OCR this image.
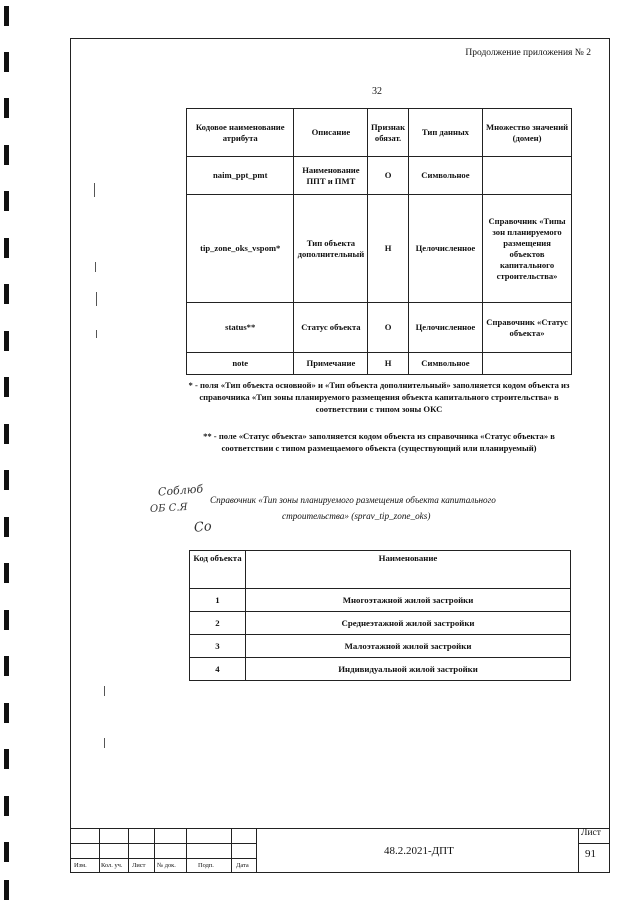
Продолжение приложения № 2
32
Кодовое наименование атрибута	Описание	Признак обязат.	Тип данных	Множество значений (домен)
naim_ppt_pmt	Наименование ППТ и ПМТ	О	Символьное	
tip_zone_oks_vspom*	Тип объекта дополнительный	Н	Целочисленное	Справочник «Типы зон планируемого размещения объектов капитального строительства»
status**	Статус объекта	О	Целочисленное	Справочник «Статус объекта»
note	Примечание	Н	Символьное	
* - поля «Тип объекта основной» и «Тип объекта дополнительный» заполняется кодом объекта из справочника «Тип зоны планируемого размещения объекта капитального строительства» в соответствии с типом зоны ОКС
** - поле «Статус объекта» заполняется кодом объекта из справочника «Статус объекта» в соответствии с типом размещаемого объекта (существующий или планируемый)
Соблюб
ОБ С.Я
Со
Справочник «Тип зоны планируемого размещения объекта капитального
строительства» (sprav_tip_zone_oks)
Код объекта	Наименование
1	Многоэтажной жилой застройки
2	Среднеэтажной жилой застройки
3	Малоэтажной жилой застройки
4	Индивидуальной жилой застройки
Изм. Кол. уч. Лист № док.	Подп.	Дата
48.2.2021-ДПТ
Лист
91
